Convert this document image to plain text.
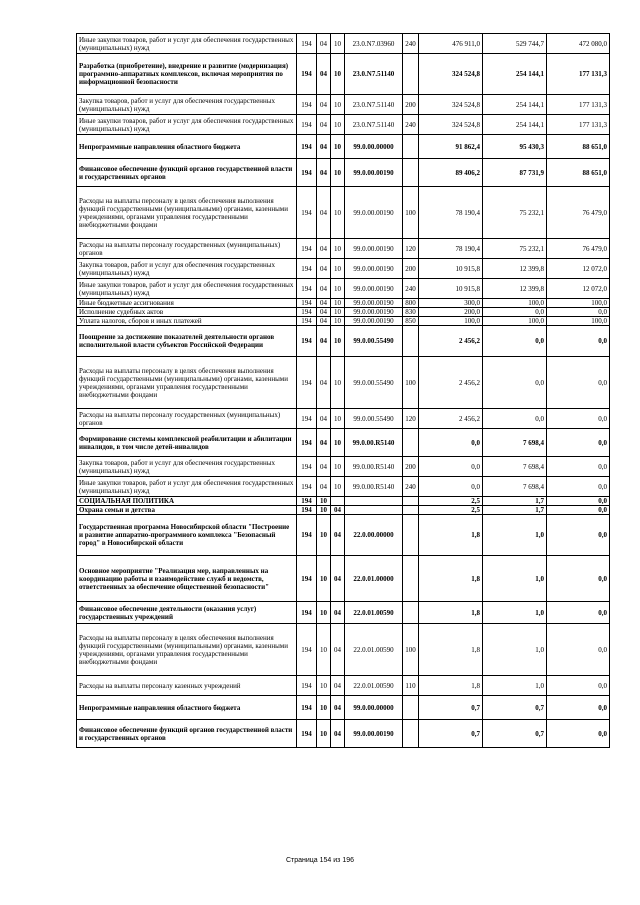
Иные закупки товаров, работ и услуг для обеспечения государственных (муниципальных) нужд	194	04	10	23.0.N7.03960	240	476 911,0	529 744,7	472 080,0
Разработка (приобретение), внедрение и развитие (модернизация) программно-аппаратных комплексов, включая мероприятия по информационной безопасности	194	04	10	23.0.N7.51140		324 524,8	254 144,1	177 131,3
Закупка товаров, работ и услуг для обеспечения государственных (муниципальных) нужд	194	04	10	23.0.N7.51140	200	324 524,8	254 144,1	177 131,3
Иные закупки товаров, работ и услуг для обеспечения государственных (муниципальных) нужд	194	04	10	23.0.N7.51140	240	324 524,8	254 144,1	177 131,3
Непрограммные направления областного бюджета	194	04	10	99.0.00.00000		91 862,4	95 430,3	88 651,0
Финансовое обеспечение функций органов государственной власти и государственных органов	194	04	10	99.0.00.00190		89 406,2	87 731,9	88 651,0
Расходы на выплаты персоналу в целях обеспечения выполнения функций государственными (муниципальными) органами, казенными учреждениями, органами управления государственными внебюджетными фондами	194	04	10	99.0.00.00190	100	78 190,4	75 232,1	76 479,0
Расходы на выплаты персоналу государственных (муниципальных) органов	194	04	10	99.0.00.00190	120	78 190,4	75 232,1	76 479,0
Закупка товаров, работ и услуг для обеспечения государственных (муниципальных) нужд	194	04	10	99.0.00.00190	200	10 915,8	12 399,8	12 072,0
Иные закупки товаров, работ и услуг для обеспечения государственных (муниципальных) нужд	194	04	10	99.0.00.00190	240	10 915,8	12 399,8	12 072,0
Иные бюджетные ассигнования	194	04	10	99.0.00.00190	800	300,0	100,0	100,0
Исполнение судебных актов	194	04	10	99.0.00.00190	830	200,0	0,0	0,0
Уплата налогов, сборов и иных платежей	194	04	10	99.0.00.00190	850	100,0	100,0	100,0
Поощрение за достижение показателей деятельности органов исполнительной власти субъектов Российской Федерации	194	04	10	99.0.00.55490		2 456,2	0,0	0,0
Расходы на выплаты персоналу в целях обеспечения выполнения функций государственными (муниципальными) органами, казенными учреждениями, органами управления государственными внебюджетными фондами	194	04	10	99.0.00.55490	100	2 456,2	0,0	0,0
Расходы на выплаты персоналу государственных (муниципальных) органов	194	04	10	99.0.00.55490	120	2 456,2	0,0	0,0
Формирование системы комплексной реабилитации и абилитации инвалидов, в том числе детей-инвалидов	194	04	10	99.0.00.R5140		0,0	7 698,4	0,0
Закупка товаров, работ и услуг для обеспечения государственных (муниципальных) нужд	194	04	10	99.0.00.R5140	200	0,0	7 698,4	0,0
Иные закупки товаров, работ и услуг для обеспечения государственных (муниципальных) нужд	194	04	10	99.0.00.R5140	240	0,0	7 698,4	0,0
СОЦИАЛЬНАЯ ПОЛИТИКА	194	10				2,5	1,7	0,0
Охрана семьи и детства	194	10	04			2,5	1,7	0,0
Государственная программа Новосибирской области "Построение и развитие аппаратно-программного комплекса "Безопасный город" в Новосибирской области	194	10	04	22.0.00.00000		1,8	1,0	0,0
Основное мероприятие "Реализация мер, направленных на координацию работы и взаимодействие служб и ведомств, ответственных за обеспечение общественной безопасности"	194	10	04	22.0.01.00000		1,8	1,0	0,0
Финансовое обеспечение деятельности (оказания услуг) государственных учреждений	194	10	04	22.0.01.00590		1,8	1,0	0,0
Расходы на выплаты персоналу в целях обеспечения выполнения функций государственными (муниципальными) органами, казенными учреждениями, органами управления государственными внебюджетными фондами	194	10	04	22.0.01.00590	100	1,8	1,0	0,0
Расходы на выплаты персоналу казенных учреждений	194	10	04	22.0.01.00590	110	1,8	1,0	0,0
Непрограммные направления областного бюджета	194	10	04	99.0.00.00000		0,7	0,7	0,0
Финансовое обеспечение функций органов государственной власти и государственных органов	194	10	04	99.0.00.00190		0,7	0,7	0,0
Страница 154 из 196
